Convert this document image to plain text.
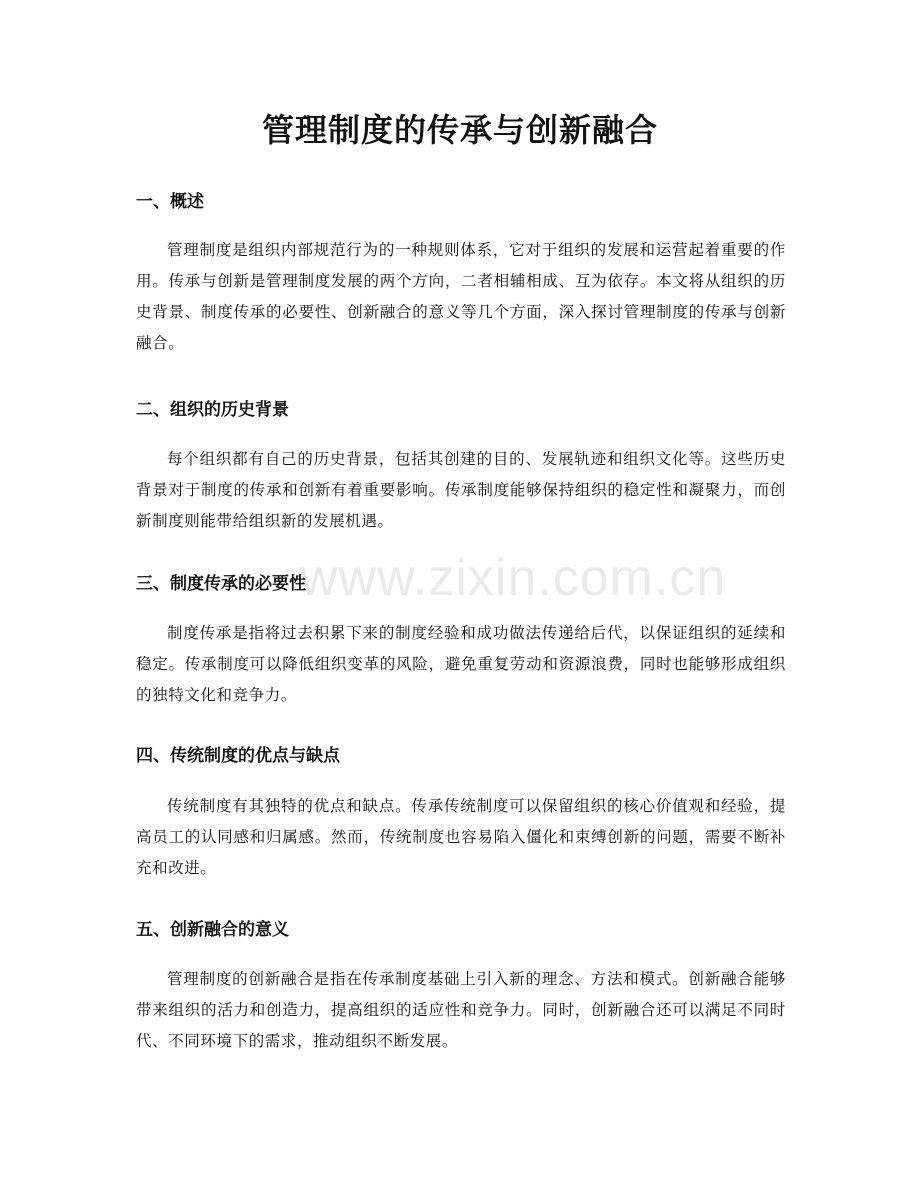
管理制度的传承与创新融合
www.zixin.com.cn
一、概述

管理制度是组织内部规范行为的一种规则体系，它对于组织的发展和运营起着重要的作用。传承与创新是管理制度发展的两个方向，二者相辅相成、互为依存。本文将从组织的历史背景、制度传承的必要性、创新融合的意义等几个方面，深入探讨管理制度的传承与创新融合。

二、组织的历史背景

每个组织都有自己的历史背景，包括其创建的目的、发展轨迹和组织文化等。这些历史背景对于制度的传承和创新有着重要影响。传承制度能够保持组织的稳定性和凝聚力，而创新制度则能带给组织新的发展机遇。

三、制度传承的必要性

制度传承是指将过去积累下来的制度经验和成功做法传递给后代，以保证组织的延续和稳定。传承制度可以降低组织变革的风险，避免重复劳动和资源浪费，同时也能够形成组织的独特文化和竞争力。

四、传统制度的优点与缺点

传统制度有其独特的优点和缺点。传承传统制度可以保留组织的核心价值观和经验，提高员工的认同感和归属感。然而，传统制度也容易陷入僵化和束缚创新的问题，需要不断补充和改进。

五、创新融合的意义

管理制度的创新融合是指在传承制度基础上引入新的理念、方法和模式。创新融合能够带来组织的活力和创造力，提高组织的适应性和竞争力。同时，创新融合还可以满足不同时代、不同环境下的需求，推动组织不断发展。
